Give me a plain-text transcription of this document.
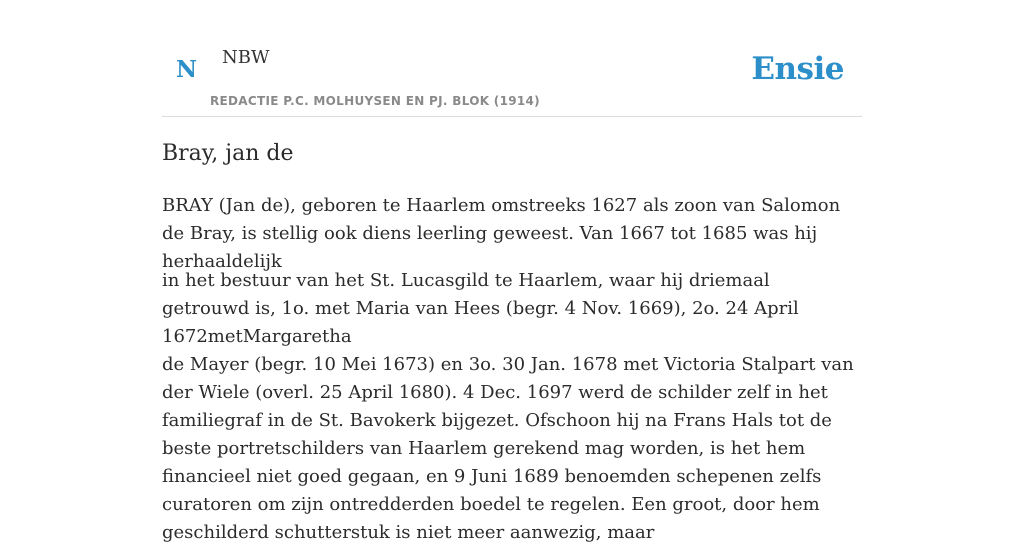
N NBW
REDACTIE P.C. MOLHUYSEN EN PJ. BLOK (1914)
Ensie
Bray, jan de

BRAY (Jan de), geboren te Haarlem omstreeks 1627 als zoon van Salomon de Bray, is stellig ook diens leerling geweest. Van 1667 tot 1685 was hij herhaaldelijk

in het bestuur van het St. Lucasgild te Haarlem, waar hij driemaal getrouwd is, 1o. met Maria van Hees (begr. 4 Nov. 1669), 2o. 24 April 1672metMargaretha

de Mayer (begr. 10 Mei 1673) en 3o. 30 Jan. 1678 met Victoria Stalpart van der Wiele (overl. 25 April 1680). 4 Dec. 1697 werd de schilder zelf in het familiegraf in de St. Bavokerk bijgezet. Ofschoon hij na Frans Hals tot de beste portretschilders van Haarlem gerekend mag worden, is het hem financieel niet goed gegaan, en 9 Juni 1689 benoemden schepenen zelfs curatoren om zijn ontredderden boedel te regelen. Een groot, door hem geschilderd schutterstuk is niet meer aanwezig, maar
